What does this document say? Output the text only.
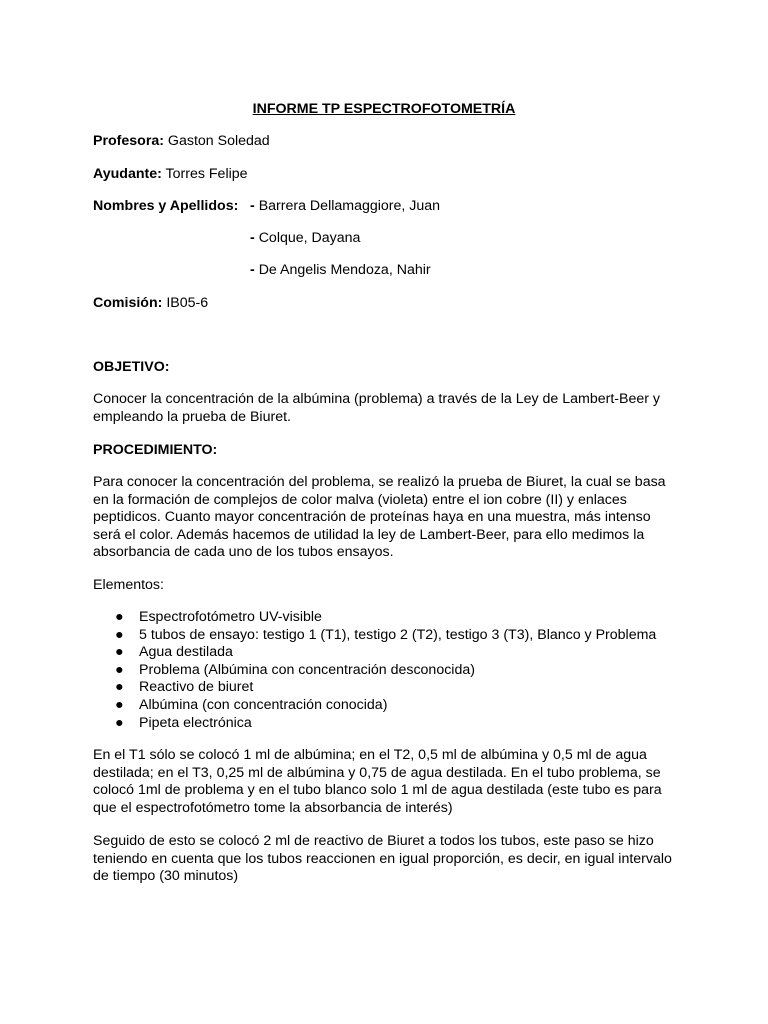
INFORME TP ESPECTROFOTOMETRÍA
Profesora: Gaston Soledad
Ayudante: Torres Felipe
Nombres y Apellidos: - Barrera Dellamaggiore, Juan
- Colque, Dayana
- De Angelis Mendoza, Nahir
Comisión: IB05-6
OBJETIVO:
Conocer la concentración de la albúmina (problema) a través de la Ley de Lambert-Beer y
empleando la prueba de Biuret.
PROCEDIMIENTO:
Para conocer la concentración del problema, se realizó la prueba de Biuret, la cual se basa
en la formación de complejos de color malva (violeta) entre el ion cobre (II) y enlaces
peptidicos. Cuanto mayor concentración de proteínas haya en una muestra, más intenso
será el color. Además hacemos de utilidad la ley de Lambert-Beer, para ello medimos la
absorbancia de cada uno de los tubos ensayos.
Elementos:
● Espectrofotómetro UV-visible
● 5 tubos de ensayo: testigo 1 (T1), testigo 2 (T2), testigo 3 (T3), Blanco y Problema
● Agua destilada
● Problema (Albúmina con concentración desconocida)
● Reactivo de biuret
● Albúmina (con concentración conocida)
● Pipeta electrónica
En el T1 sólo se colocó 1 ml de albúmina; en el T2, 0,5 ml de albúmina y 0,5 ml de agua
destilada; en el T3, 0,25 ml de albúmina y 0,75 de agua destilada. En el tubo problema, se
colocó 1ml de problema y en el tubo blanco solo 1 ml de agua destilada (este tubo es para
que el espectrofotómetro tome la absorbancia de interés)
Seguido de esto se colocó 2 ml de reactivo de Biuret a todos los tubos, este paso se hizo
teniendo en cuenta que los tubos reaccionen en igual proporción, es decir, en igual intervalo
de tiempo (30 minutos)
